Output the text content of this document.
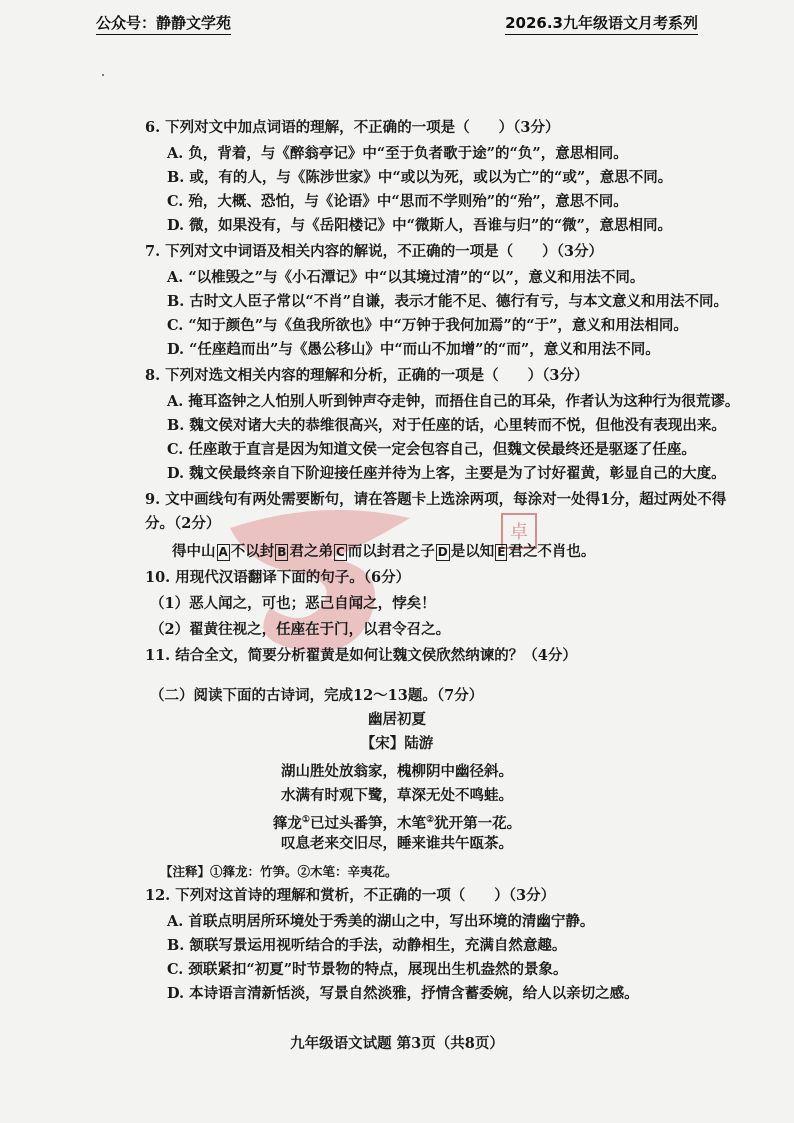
公众号：静静文学苑	2026.3九年级语文月考系列
卓
6. 下列对文中加点词语的理解，不正确的一项是（　　）（3分）
A. 负，背着，与《醉翁亭记》中“至于负者歌于途”的“负”，意思相同。
B. 或，有的人，与《陈涉世家》中“或以为死，或以为亡”的“或”，意思不同。
C. 殆，大概、恐怕，与《论语》中“思而不学则殆”的“殆”，意思不同。
D. 微，如果没有，与《岳阳楼记》中“微斯人，吾谁与归”的“微”，意思相同。
7. 下列对文中词语及相关内容的解说，不正确的一项是（　　）（3分）
A. “以椎毁之”与《小石潭记》中“以其境过清”的“以”，意义和用法不同。
B. 古时文人臣子常以“不肖”自谦，表示才能不足、德行有亏，与本文意义和用法不同。
C. “知于颜色”与《鱼我所欲也》中“万钟于我何加焉”的“于”，意义和用法相同。
D. “任座趋而出”与《愚公移山》中“而山不加增”的“而”，意义和用法不同。
8. 下列对选文相关内容的理解和分析，正确的一项是（　　）（3分）
A. 掩耳盗钟之人怕别人听到钟声夺走钟，而捂住自己的耳朵，作者认为这种行为很荒谬。
B. 魏文侯对诸大夫的恭维很高兴，对于任座的话，心里转而不悦，但他没有表现出来。
C. 任座敢于直言是因为知道文侯一定会包容自己，但魏文侯最终还是驱逐了任座。
D. 魏文侯最终亲自下阶迎接任座并待为上客，主要是为了讨好翟黄，彰显自己的大度。
9. 文中画线句有两处需要断句，请在答题卡上选涂两项，每涂对一处得1分，超过两处不得
分。（2分）
得中山 A 不以封 B 君之弟 C 而以封君之子 D 是以知 E 君之不肖也。
10. 用现代汉语翻译下面的句子。（6分）
（1）恶人闻之，可也；恶己自闻之，悖矣！
（2）翟黄往视之，任座在于门，以君令召之。
11. 结合全文，简要分析翟黄是如何让魏文侯欣然纳谏的？（4分）
（二）阅读下面的古诗词，完成12～13题。（7分）
幽居初夏
【宋】陆游
湖山胜处放翁家，槐柳阴中幽径斜。
水满有时观下鹭，草深无处不鸣蛙。
箨龙①已过头番笋，木笔②犹开第一花。
叹息老来交旧尽，睡来谁共午瓯茶。
【注释】①箨龙：竹笋。②木笔：辛夷花。
12. 下列对这首诗的理解和赏析，不正确的一项（　　）（3分）
A. 首联点明居所环境处于秀美的湖山之中，写出环境的清幽宁静。
B. 颔联写景运用视听结合的手法，动静相生，充满自然意趣。
C. 颈联紧扣“初夏”时节景物的特点，展现出生机盎然的景象。
D. 本诗语言清新恬淡，写景自然淡雅，抒情含蓄委婉，给人以亲切之感。
九年级语文试题 第3页（共8页）
